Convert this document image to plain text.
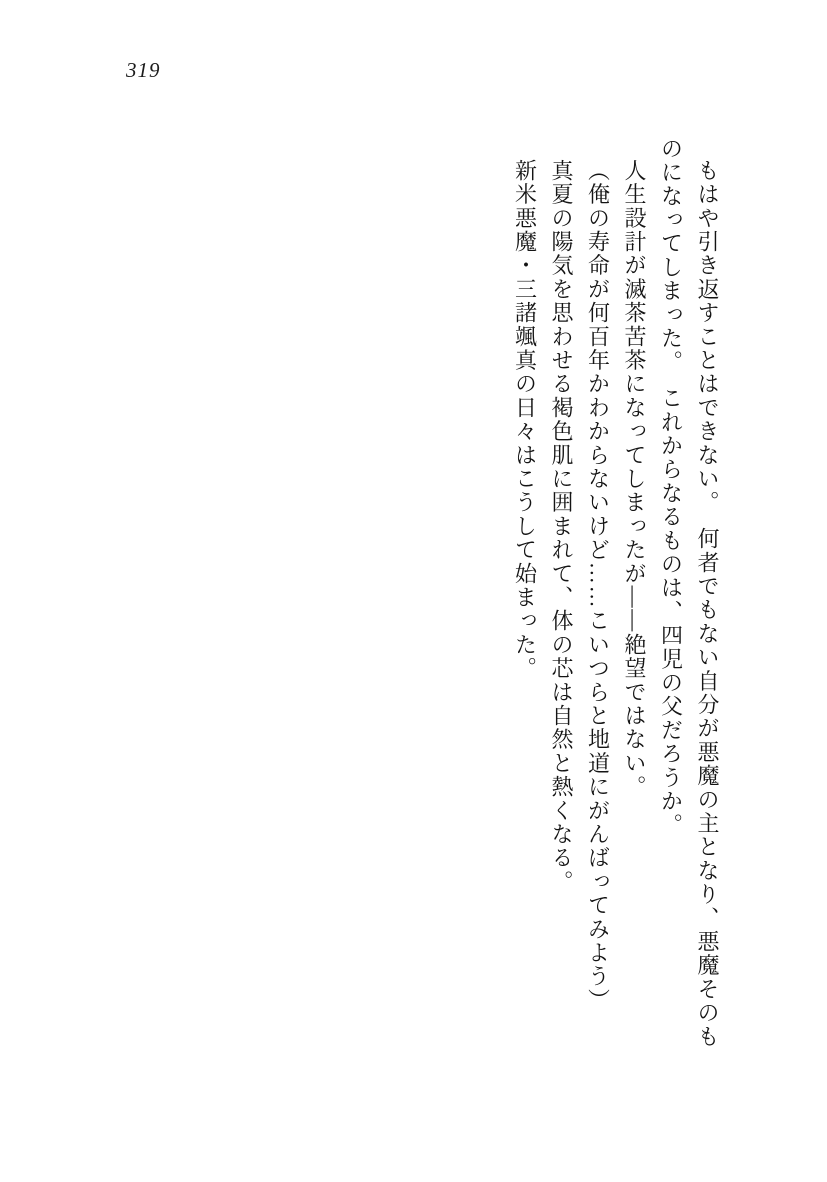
319

もはや引き返すことはできない。　何者でもない自分が悪魔の主となり、悪魔そのものになってしまった。　これからなるものは、四児の父だろうか。

人生設計が滅茶苦茶になってしまったが――絶望ではない。

（俺の寿命が何百年かわからないけど……こいつらと地道にがんばってみよう）

真夏の陽気を思わせる褐色肌に囲まれて、体の芯は自然と熱くなる。

新米悪魔・三諸颯真の日々はこうして始まった。
